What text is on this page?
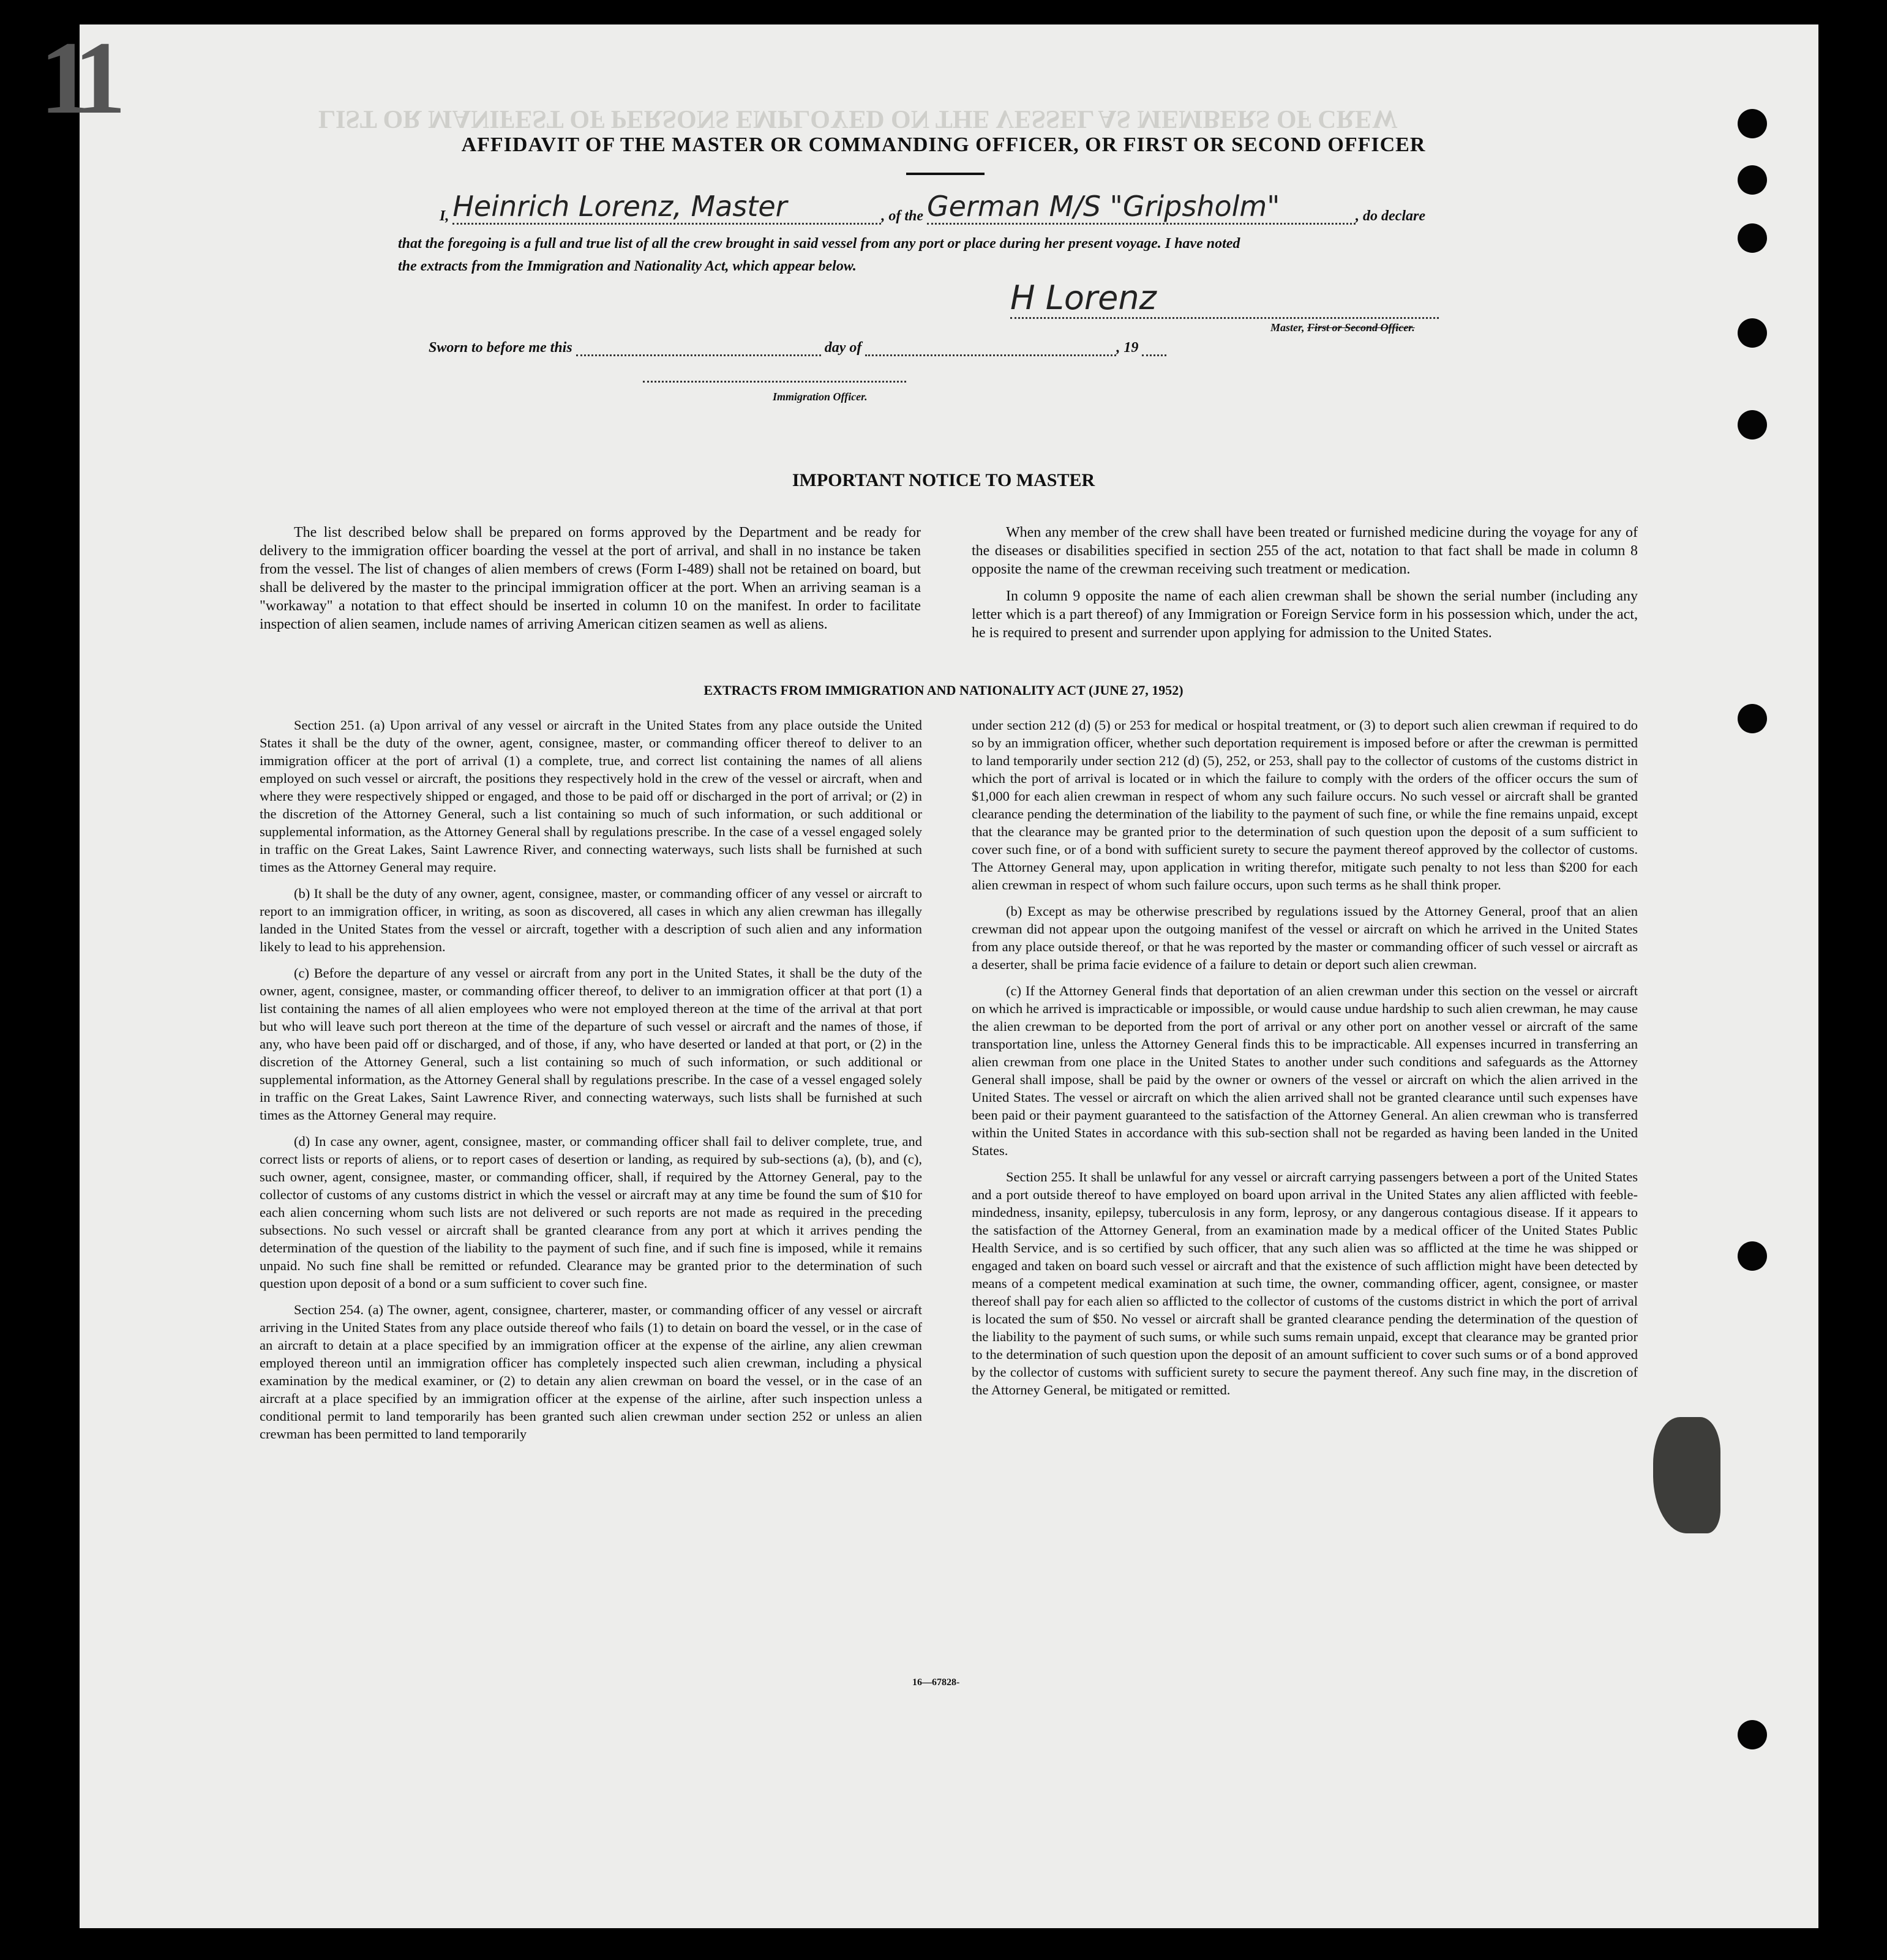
11	LIST OR MANIFEST OF PERSONS EMPLOYED ON THE VESSEL AS MEMBERS OF CREW
AFFIDAVIT OF THE MASTER OR COMMANDING OFFICER, OR FIRST OR SECOND OFFICER
I, Heinrich Lorenz, Master	, of the German M/S "Gripsholm"	, do declare
that the foregoing is a full and true list of all the crew brought in said vessel from any port or place during her present voyage. I have noted
the extracts from the Immigration and Nationality Act, which appear below.
H Lorenz
Master, First or Second Officer.
Sworn to before me this	day of	, 19
Immigration Officer.
IMPORTANT NOTICE TO MASTER

The list described below shall be prepared on forms approved by the Department and be ready for delivery to the immigration officer boarding the vessel at the port of arrival, and shall in no instance be taken from the vessel. The list of changes of alien members of crews (Form I-489) shall not be retained on board, but shall be delivered by the master to the principal immigration officer at the port. When an arriving seaman is a "workaway" a notation to that effect should be inserted in column 10 on the manifest. In order to facilitate inspection of alien seamen, include names of arriving American citizen seamen as well as aliens.

When any member of the crew shall have been treated or furnished medicine during the voyage for any of the diseases or disabilities specified in section 255 of the act, notation to that fact shall be made in column 8 opposite the name of the crewman receiving such treatment or medication.

In column 9 opposite the name of each alien crewman shall be shown the serial number (including any letter which is a part thereof) of any Immigration or Foreign Service form in his possession which, under the act, he is required to present and surrender upon applying for admission to the United States.

EXTRACTS FROM IMMIGRATION AND NATIONALITY ACT (JUNE 27, 1952)

Section 251. (a) Upon arrival of any vessel or aircraft in the United States from any place outside the United States it shall be the duty of the owner, agent, consignee, master, or commanding officer thereof to deliver to an immigration officer at the port of arrival (1) a complete, true, and correct list containing the names of all aliens employed on such vessel or aircraft, the positions they respectively hold in the crew of the vessel or aircraft, when and where they were respectively shipped or engaged, and those to be paid off or discharged in the port of arrival; or (2) in the discretion of the Attorney General, such a list containing so much of such information, or such additional or supplemental information, as the Attorney General shall by regulations prescribe. In the case of a vessel engaged solely in traffic on the Great Lakes, Saint Lawrence River, and connecting waterways, such lists shall be furnished at such times as the Attorney General may require.

(b) It shall be the duty of any owner, agent, consignee, master, or commanding officer of any vessel or aircraft to report to an immigration officer, in writing, as soon as discovered, all cases in which any alien crewman has illegally landed in the United States from the vessel or aircraft, together with a description of such alien and any information likely to lead to his apprehension.

(c) Before the departure of any vessel or aircraft from any port in the United States, it shall be the duty of the owner, agent, consignee, master, or commanding officer thereof, to deliver to an immigration officer at that port (1) a list containing the names of all alien employees who were not employed thereon at the time of the arrival at that port but who will leave such port thereon at the time of the departure of such vessel or aircraft and the names of those, if any, who have been paid off or discharged, and of those, if any, who have deserted or landed at that port, or (2) in the discretion of the Attorney General, such a list containing so much of such information, or such additional or supplemental information, as the Attorney General shall by regulations prescribe. In the case of a vessel engaged solely in traffic on the Great Lakes, Saint Lawrence River, and connecting waterways, such lists shall be furnished at such times as the Attorney General may require.

(d) In case any owner, agent, consignee, master, or commanding officer shall fail to deliver complete, true, and correct lists or reports of aliens, or to report cases of desertion or landing, as required by sub-sections (a), (b), and (c), such owner, agent, consignee, master, or commanding officer, shall, if required by the Attorney General, pay to the collector of customs of any customs district in which the vessel or aircraft may at any time be found the sum of $10 for each alien concerning whom such lists are not delivered or such reports are not made as required in the preceding subsections. No such vessel or aircraft shall be granted clearance from any port at which it arrives pending the determination of the question of the liability to the payment of such fine, and if such fine is imposed, while it remains unpaid. No such fine shall be remitted or refunded. Clearance may be granted prior to the determination of such question upon deposit of a bond or a sum sufficient to cover such fine.

Section 254. (a) The owner, agent, consignee, charterer, master, or commanding officer of any vessel or aircraft arriving in the United States from any place outside thereof who fails (1) to detain on board the vessel, or in the case of an aircraft to detain at a place specified by an immigration officer at the expense of the airline, any alien crewman employed thereon until an immigration officer has completely inspected such alien crewman, including a physical examination by the medical examiner, or (2) to detain any alien crewman on board the vessel, or in the case of an aircraft at a place specified by an immigration officer at the expense of the airline, after such inspection unless a conditional permit to land temporarily has been granted such alien crewman under section 252 or unless an alien crewman has been permitted to land temporarily

under section 212 (d) (5) or 253 for medical or hospital treatment, or (3) to deport such alien crewman if required to do so by an immigration officer, whether such deportation requirement is imposed before or after the crewman is permitted to land temporarily under section 212 (d) (5), 252, or 253, shall pay to the collector of customs of the customs district in which the port of arrival is located or in which the failure to comply with the orders of the officer occurs the sum of $1,000 for each alien crewman in respect of whom any such failure occurs. No such vessel or aircraft shall be granted clearance pending the determination of the liability to the payment of such fine, or while the fine remains unpaid, except that the clearance may be granted prior to the determination of such question upon the deposit of a sum sufficient to cover such fine, or of a bond with sufficient surety to secure the payment thereof approved by the collector of customs. The Attorney General may, upon application in writing therefor, mitigate such penalty to not less than $200 for each alien crewman in respect of whom such failure occurs, upon such terms as he shall think proper.

(b) Except as may be otherwise prescribed by regulations issued by the Attorney General, proof that an alien crewman did not appear upon the outgoing manifest of the vessel or aircraft on which he arrived in the United States from any place outside thereof, or that he was reported by the master or commanding officer of such vessel or aircraft as a deserter, shall be prima facie evidence of a failure to detain or deport such alien crewman.

(c) If the Attorney General finds that deportation of an alien crewman under this section on the vessel or aircraft on which he arrived is impracticable or impossible, or would cause undue hardship to such alien crewman, he may cause the alien crewman to be deported from the port of arrival or any other port on another vessel or aircraft of the same transportation line, unless the Attorney General finds this to be impracticable. All expenses incurred in transferring an alien crewman from one place in the United States to another under such conditions and safeguards as the Attorney General shall impose, shall be paid by the owner or owners of the vessel or aircraft on which the alien arrived in the United States. The vessel or aircraft on which the alien arrived shall not be granted clearance until such expenses have been paid or their payment guaranteed to the satisfaction of the Attorney General. An alien crewman who is transferred within the United States in accordance with this sub-section shall not be regarded as having been landed in the United States.

Section 255. It shall be unlawful for any vessel or aircraft carrying passengers between a port of the United States and a port outside thereof to have employed on board upon arrival in the United States any alien afflicted with feeble-mindedness, insanity, epilepsy, tuberculosis in any form, leprosy, or any dangerous contagious disease. If it appears to the satisfaction of the Attorney General, from an examination made by a medical officer of the United States Public Health Service, and is so certified by such officer, that any such alien was so afflicted at the time he was shipped or engaged and taken on board such vessel or aircraft and that the existence of such affliction might have been detected by means of a competent medical examination at such time, the owner, commanding officer, agent, consignee, or master thereof shall pay for each alien so afflicted to the collector of customs of the customs district in which the port of arrival is located the sum of $50. No vessel or aircraft shall be granted clearance pending the determination of the question of the liability to the payment of such sums, or while such sums remain unpaid, except that clearance may be granted prior to the determination of such question upon the deposit of an amount sufficient to cover such sums or of a bond approved by the collector of customs with sufficient surety to secure the payment thereof. Any such fine may, in the discretion of the Attorney General, be mitigated or remitted.

16—67828-
